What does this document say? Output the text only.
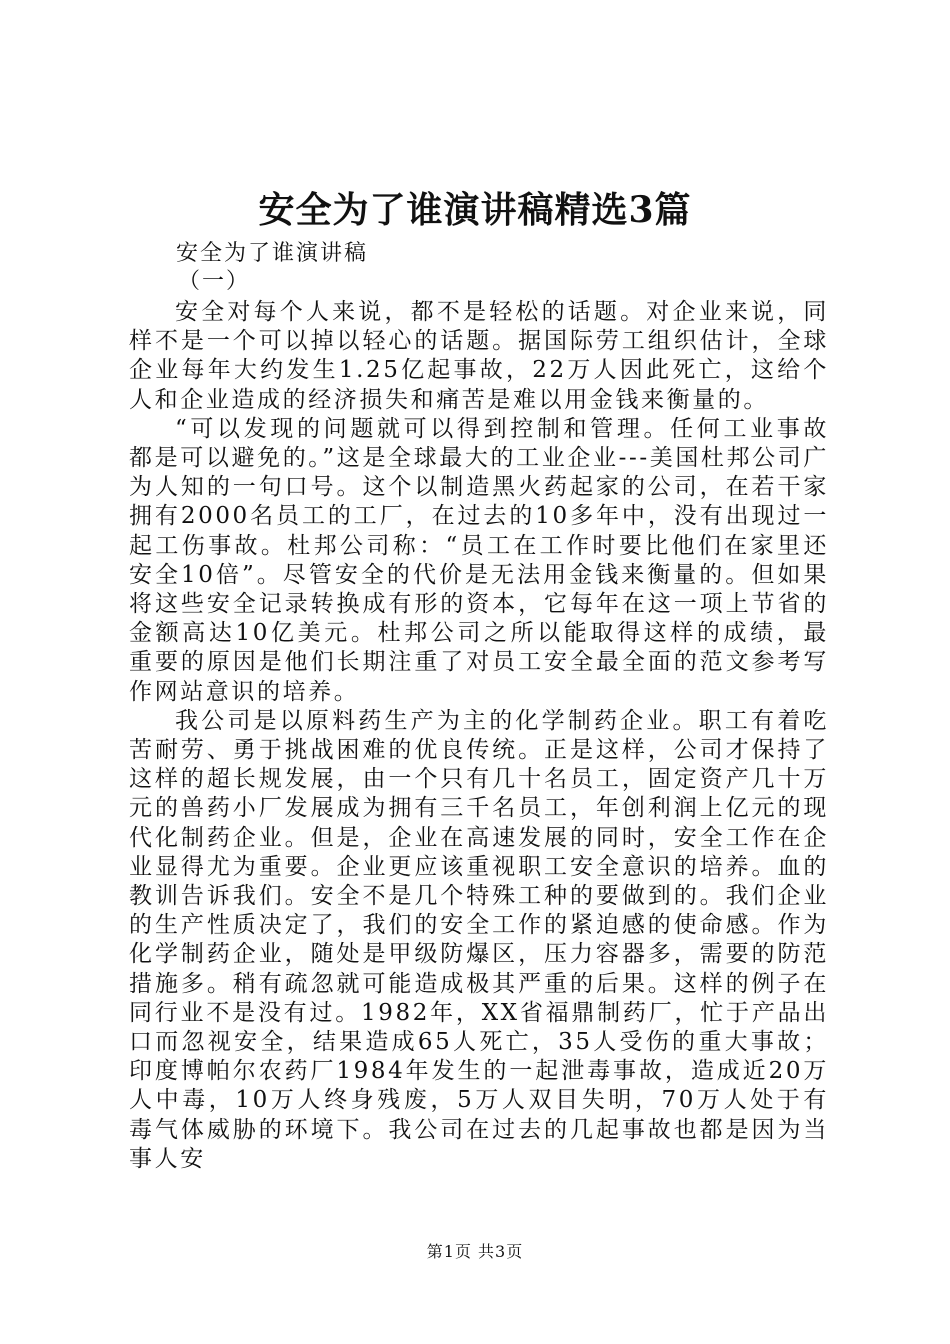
安全为了谁演讲稿精选3篇
安全为了谁演讲稿
（一）

安全对每个人来说，都不是轻松的话题。对企业来说，同样不是一个可以掉以轻心的话题。据国际劳工组织估计，全球企业每年大约发生1.25亿起事故，22万人因此死亡，这给个人和企业造成的经济损失和痛苦是难以用金钱来衡量的。

“可以发现的问题就可以得到控制和管理。任何工业事故都是可以避免的。”这是全球最大的工业企业---美国杜邦公司广为人知的一句口号。这个以制造黑火药起家的公司，在若干家拥有2000名员工的工厂，在过去的10多年中，没有出现过一起工伤事故。杜邦公司称：“员工在工作时要比他们在家里还安全10倍”。尽管安全的代价是无法用金钱来衡量的。但如果将这些安全记录转换成有形的资本，它每年在这一项上节省的金额高达10亿美元。杜邦公司之所以能取得这样的成绩，最重要的原因是他们长期注重了对员工安全最全面的范文参考写作网站意识的培养。

我公司是以原料药生产为主的化学制药企业。职工有着吃苦耐劳、勇于挑战困难的优良传统。正是这样，公司才保持了这样的超长规发展，由一个只有几十名员工，固定资产几十万元的兽药小厂发展成为拥有三千名员工，年创利润上亿元的现代化制药企业。但是，企业在高速发展的同时，安全工作在企业显得尤为重要。企业更应该重视职工安全意识的培养。血的教训告诉我们。安全不是几个特殊工种的要做到的。我们企业的生产性质决定了，我们的安全工作的紧迫感的使命感。作为化学制药企业，随处是甲级防爆区，压力容器多，需要的防范措施多。稍有疏忽就可能造成极其严重的后果。这样的例子在同行业不是没有过。1982年，XX省福鼎制药厂，忙于产品出口而忽视安全，结果造成65人死亡，35人受伤的重大事故；印度博帕尔农药厂1984年发生的一起泄毒事故，造成近20万人中毒，10万人终身残废，5万人双目失明，70万人处于有毒气体威胁的环境下。我公司在过去的几起事故也都是因为当事人安

第1页 共3页
